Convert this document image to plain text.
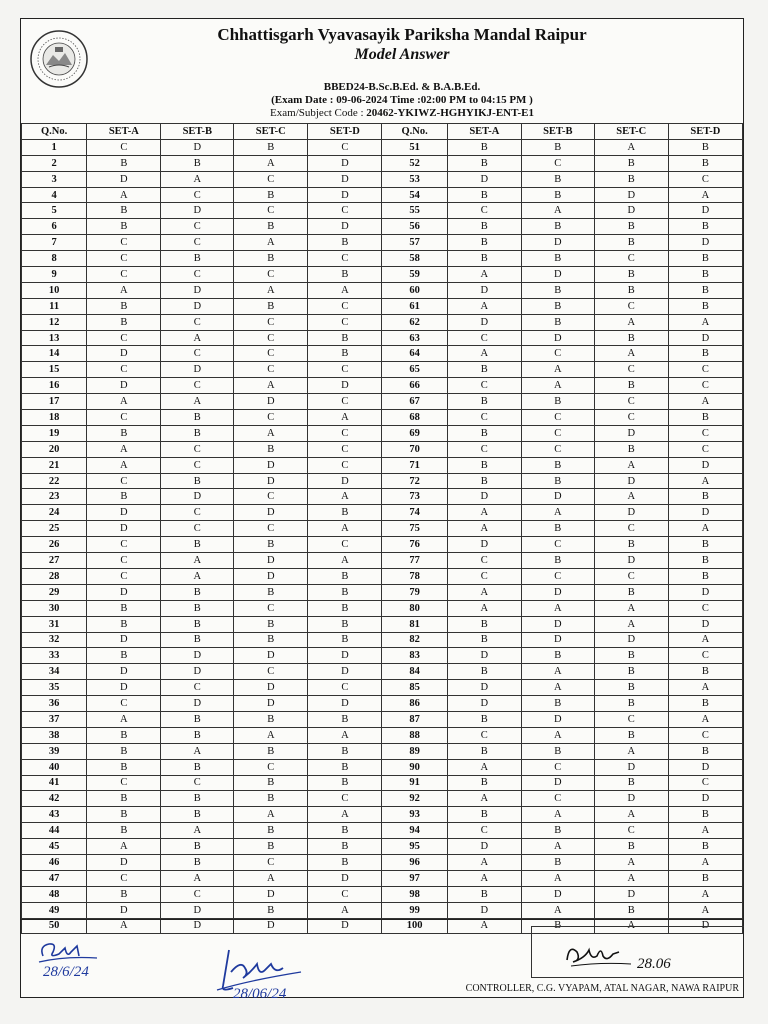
Chhattisgarh Vyavasayik Pariksha Mandal Raipur
Model Answer
BBED24-B.Sc.B.Ed. & B.A.B.Ed.
(Exam Date : 09-06-2024 Time :02:00 PM to 04:15 PM )
Exam/Subject Code : 20462-YKIWZ-HGHYIKJ-ENT-E1
Q.No.	SET-A	SET-B	SET-C	SET-D	Q.No.	SET-A	SET-B	SET-C	SET-D
1	C	D	B	C	51	B	B	A	B
2	B	B	A	D	52	B	C	B	B
3	D	A	C	D	53	D	B	B	C
4	A	C	B	D	54	B	B	D	A
5	B	D	C	C	55	C	A	D	D
6	B	C	B	D	56	B	B	B	B
7	C	C	A	B	57	B	D	B	D
8	C	B	B	C	58	B	B	C	B
9	C	C	C	B	59	A	D	B	B
10	A	D	A	A	60	D	B	B	B
11	B	D	B	C	61	A	B	C	B
12	B	C	C	C	62	D	B	A	A
13	C	A	C	B	63	C	D	B	D
14	D	C	C	B	64	A	C	A	B
15	C	D	C	C	65	B	A	C	C
16	D	C	A	D	66	C	A	B	C
17	A	A	D	C	67	B	B	C	A
18	C	B	C	A	68	C	C	C	B
19	B	B	A	C	69	B	C	D	C
20	A	C	B	C	70	C	C	B	C
21	A	C	D	C	71	B	B	A	D
22	C	B	D	D	72	B	B	D	A
23	B	D	C	A	73	D	D	A	B
24	D	C	D	B	74	A	A	D	D
25	D	C	C	A	75	A	B	C	A
26	C	B	B	C	76	D	C	B	B
27	C	A	D	A	77	C	B	D	B
28	C	A	D	B	78	C	C	C	B
29	D	B	B	B	79	A	D	B	D
30	B	B	C	B	80	A	A	A	C
31	B	B	B	B	81	B	D	A	D
32	D	B	B	B	82	B	D	D	A
33	B	D	D	D	83	D	B	B	C
34	D	D	C	D	84	B	A	B	B
35	D	C	D	C	85	D	A	B	A
36	C	D	D	D	86	D	B	B	B
37	A	B	B	B	87	B	D	C	A
38	B	B	A	A	88	C	A	B	C
39	B	A	B	B	89	B	B	A	B
40	B	B	C	B	90	A	C	D	D
41	C	C	B	B	91	B	D	B	C
42	B	B	B	C	92	A	C	D	D
43	B	B	A	A	93	B	A	A	B
44	B	A	B	B	94	C	B	C	A
45	A	B	B	B	95	D	A	B	B
46	D	B	C	B	96	A	B	A	A
47	C	A	A	D	97	A	A	A	B
48	B	C	D	C	98	B	D	D	A
49	D	D	B	A	99	D	A	B	A
50	A	D	D	D	100	A	B	A	D
28/6/24
28/06/24
28.06
CONTROLLER, C.G. VYAPAM, ATAL NAGAR, NAWA RAIPUR
